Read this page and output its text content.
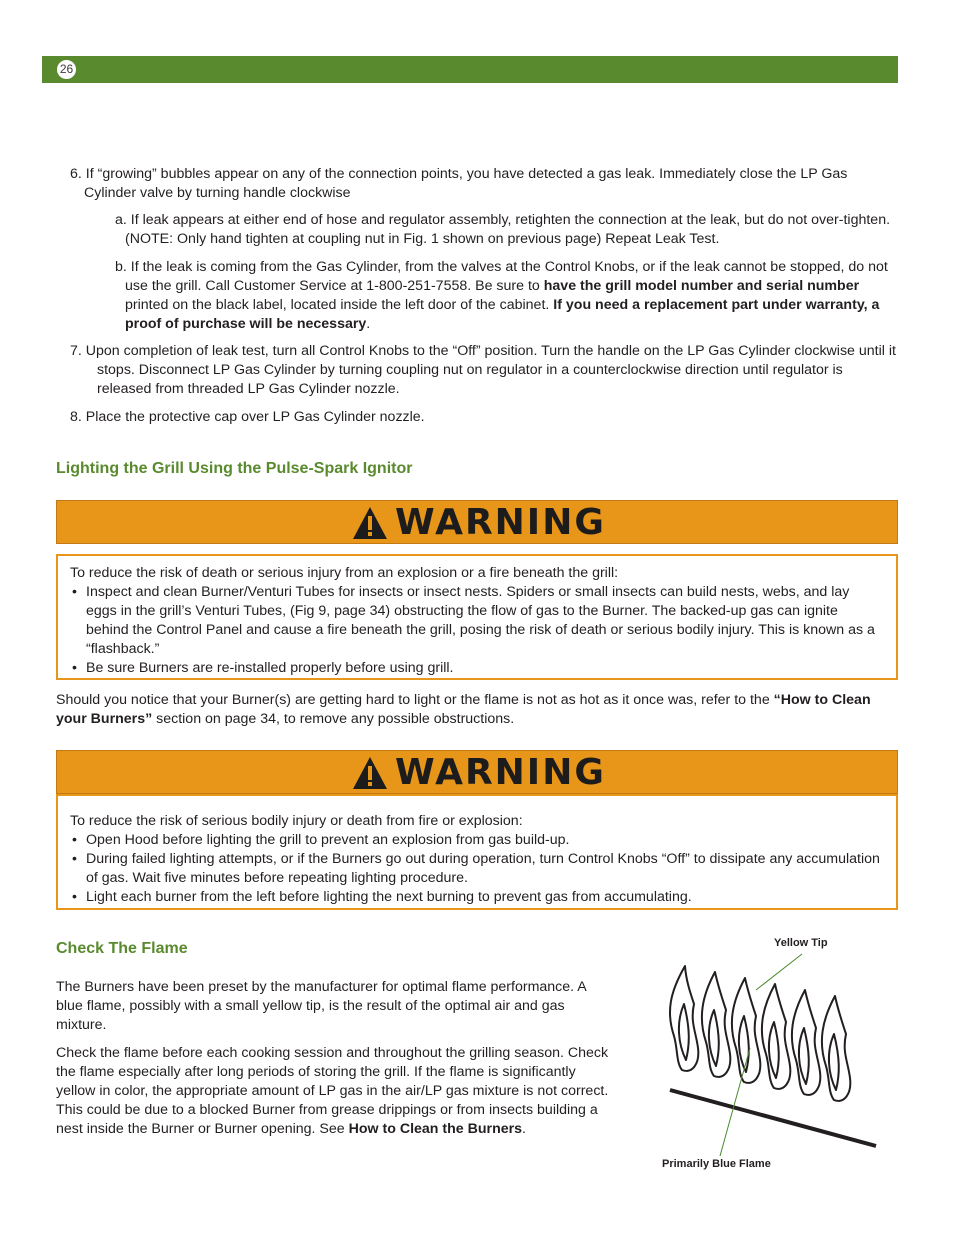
26
6. If “growing” bubbles appear on any of the connection points, you have detected a gas leak. Immediately close the LP Gas Cylinder valve by turning handle clockwise
a. If leak appears at either end of hose and regulator assembly, retighten the connection at the leak, but do not over-tighten. (NOTE: Only hand tighten at coupling nut in Fig. 1 shown on previous page) Repeat Leak Test.
b. If the leak is coming from the Gas Cylinder, from the valves at the Control Knobs, or if the leak cannot be stopped, do not use the grill. Call Customer Service at 1-800-251-7558. Be sure to have the grill model number and serial number printed on the black label, located inside the left door of the cabinet. If you need a replacement part under warranty, a proof of purchase will be necessary.
7. Upon completion of leak test, turn all Control Knobs to the “Off” position. Turn the handle on the LP Gas Cylinder clockwise until it stops. Disconnect LP Gas Cylinder by turning coupling nut on regulator in a counterclockwise direction until regulator is released from threaded LP Gas Cylinder nozzle.
8. Place the protective cap over LP Gas Cylinder nozzle.
Lighting the Grill Using the Pulse-Spark Ignitor
WARNING
To reduce the risk of death or serious injury from an explosion or a fire beneath the grill:
• Inspect and clean Burner/Venturi Tubes for insects or insect nests. Spiders or small insects can build nests, webs, and lay eggs in the grill’s Venturi Tubes, (Fig 9, page 34) obstructing the flow of gas to the Burner. The backed-up gas can ignite behind the Control Panel and cause a fire beneath the grill, posing the risk of death or serious bodily injury. This is known as a “flashback.”
• Be sure Burners are re-installed properly before using grill.
Should you notice that your Burner(s) are getting hard to light or the flame is not as hot as it once was, refer to the “How to Clean your Burners” section on page 34, to remove any possible obstructions.
WARNING
To reduce the risk of serious bodily injury or death from fire or explosion:
• Open Hood before lighting the grill to prevent an explosion from gas build-up.
• During failed lighting attempts, or if the Burners go out during operation, turn Control Knobs “Off” to dissipate any accumulation of gas. Wait five minutes before repeating lighting procedure.
• Light each burner from the left before lighting the next burning to prevent gas from accumulating.
Check The Flame
The Burners have been preset by the manufacturer for optimal flame performance. A blue flame, possibly with a small yellow tip, is the result of the optimal air and gas mixture.
Check the flame before each cooking session and throughout the grilling season. Check the flame especially after long periods of storing the grill. If the flame is significantly yellow in color, the appropriate amount of LP gas in the air/LP gas mixture is not correct. This could be due to a blocked Burner from grease drippings or from insects building a nest inside the Burner or Burner opening. See How to Clean the Burners.
Yellow Tip
Primarily Blue Flame
